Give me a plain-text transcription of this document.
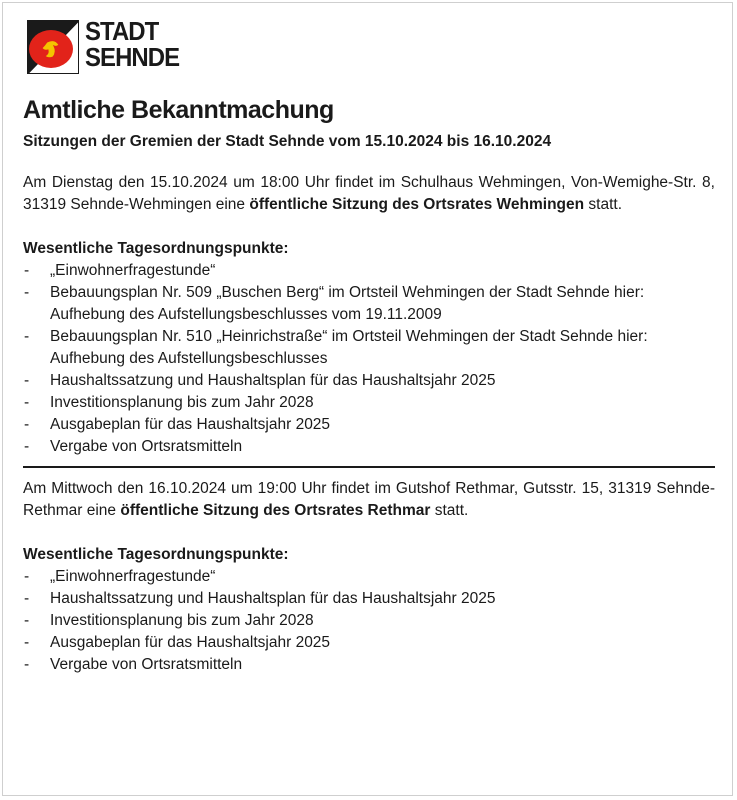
STADT
SEHNDE
Amtliche Bekanntmachung
Sitzungen der Gremien der Stadt Sehnde vom 15.10.2024 bis 16.10.2024

Am Dienstag den 15.10.2024 um 18:00 Uhr findet im Schulhaus Wehmingen, Von-Wemighe-Str. 8, 31319 Sehnde-Wehmingen eine öffentliche Sitzung des Ortsrates Wehmingen statt.

Wesentliche Tagesordnungspunkte:
- „Einwohnerfragestunde“
- Bebauungsplan Nr. 509 „Buschen Berg“ im Ortsteil Wehmingen der Stadt Sehnde hier: Aufhebung des Aufstellungsbeschlusses vom 19.11.2009
- Bebauungsplan Nr. 510 „Heinrichstraße“ im Ortsteil Wehmingen der Stadt Sehnde hier: Aufhebung des Aufstellungsbeschlusses
- Haushaltssatzung und Haushaltsplan für das Haushaltsjahr 2025
- Investitionsplanung bis zum Jahr 2028
- Ausgabeplan für das Haushaltsjahr 2025
- Vergabe von Ortsratsmitteln

Am Mittwoch den 16.10.2024 um 19:00 Uhr findet im Gutshof Rethmar, Gutsstr. 15, 31319 Sehnde-Rethmar eine öffentliche Sitzung des Ortsrates Rethmar statt.

Wesentliche Tagesordnungspunkte:
- „Einwohnerfragestunde“
- Haushaltssatzung und Haushaltsplan für das Haushaltsjahr 2025
- Investitionsplanung bis zum Jahr 2028
- Ausgabeplan für das Haushaltsjahr 2025
- Vergabe von Ortsratsmitteln
